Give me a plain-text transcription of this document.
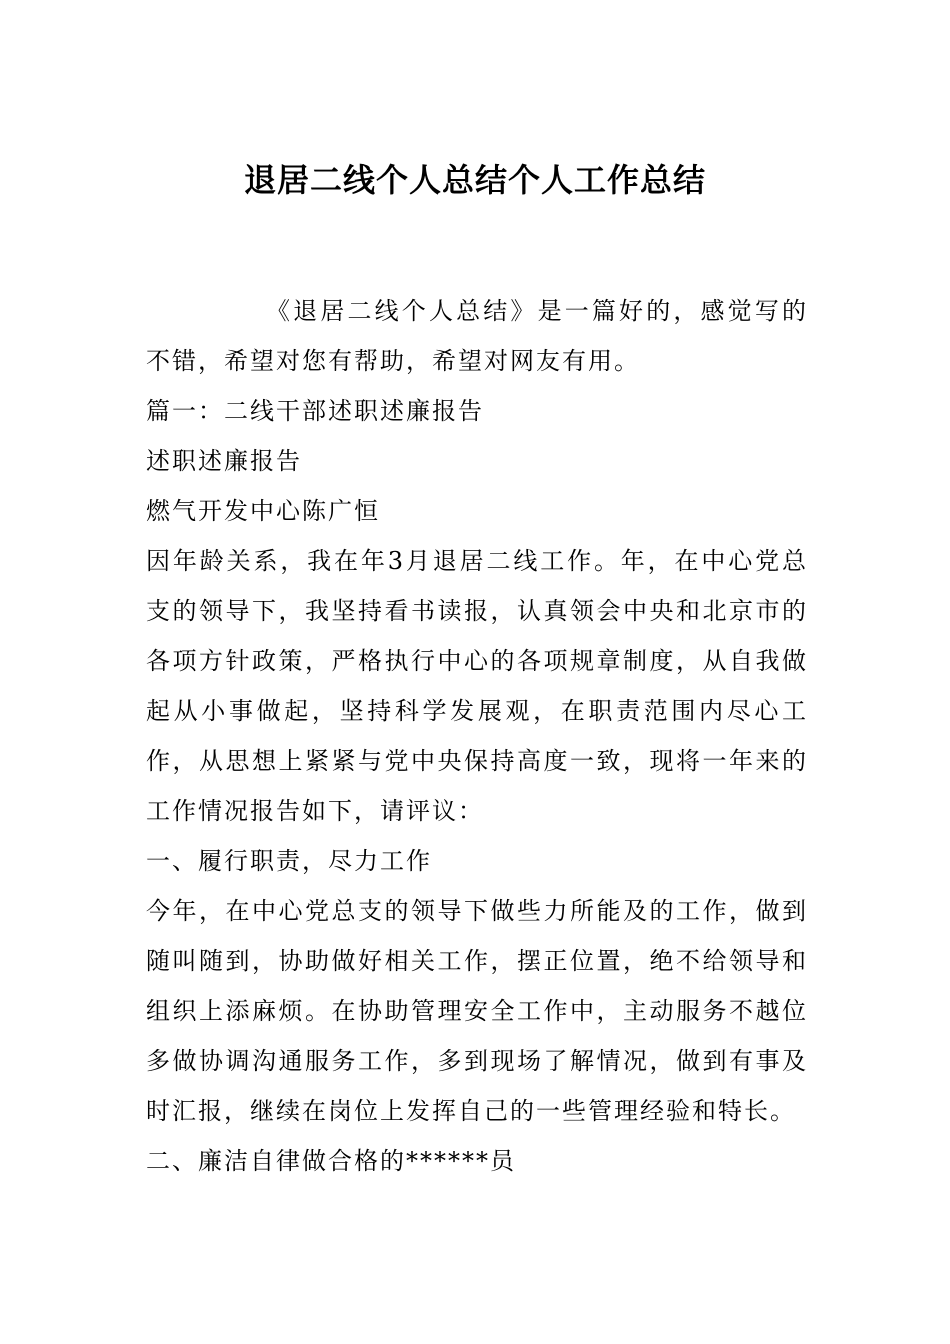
退居二线个人总结个人工作总结

《退居二线个人总结》是一篇好的，感觉写的不错，希望对您有帮助，希望对网友有用。

篇一：二线干部述职述廉报告

述职述廉报告

燃气开发中心陈广恒

因年龄关系，我在年3月退居二线工作。年，在中心党总支的领导下，我坚持看书读报，认真领会中央和北京市的各项方针政策，严格执行中心的各项规章制度，从自我做起从小事做起，坚持科学发展观，在职责范围内尽心工作，从思想上紧紧与党中央保持高度一致，现将一年来的工作情况报告如下，请评议：

一、履行职责，尽力工作

今年，在中心党总支的领导下做些力所能及的工作，做到随叫随到，协助做好相关工作，摆正位置，绝不给领导和组织上添麻烦。在协助管理安全工作中，主动服务不越位多做协调沟通服务工作，多到现场了解情况，做到有事及时汇报，继续在岗位上发挥自己的一些管理经验和特长。

二、廉洁自律做合格的******员
